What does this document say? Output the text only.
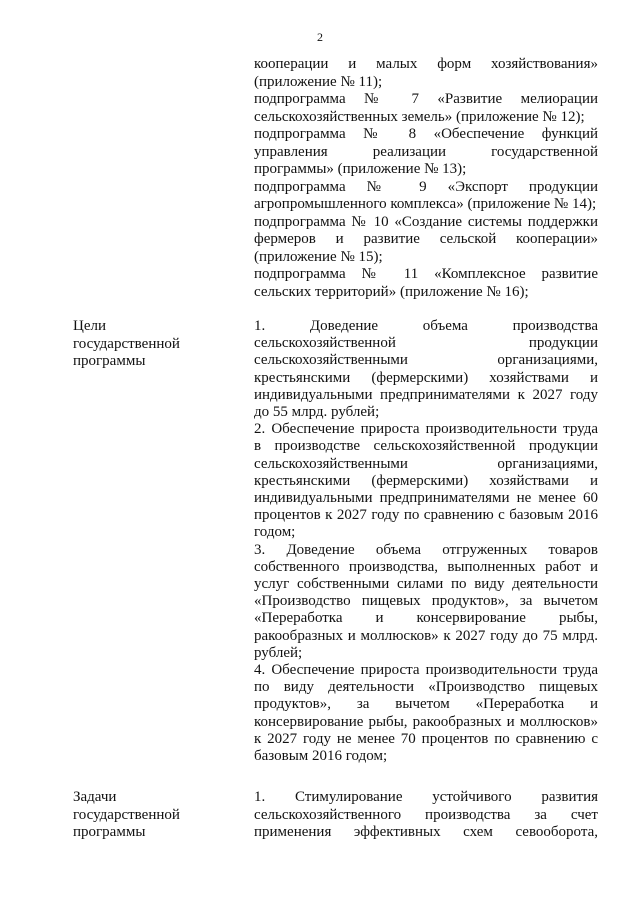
2

кооперации и малых форм хозяйствования» (приложение № 11);

подпрограмма № 7 «Развитие мелиорации сельскохозяйственных земель» (приложение № 12);

подпрограмма № 8 «Обеспечение функций управления реализации государственной программы» (приложение № 13);

подпрограмма № 9 «Экспорт продукции агропромышленного комплекса» (приложение № 14);

подпрограмма № 10 «Создание системы поддержки фермеров и развитие сельской кооперации» (приложение № 15);

подпрограмма № 11 «Комплексное развитие сельских территорий» (приложение № 16);

Цели государственной программы

1. Доведение объема производства сельскохозяйственной продукции сельскохозяйственными организациями, крестьянскими (фермерскими) хозяйствами и индивидуальными предпринимателями к 2027 году до 55 млрд. рублей;

2. Обеспечение прироста производительности труда в производстве сельскохозяйственной продукции сельскохозяйственными организациями, крестьянскими (фермерскими) хозяйствами и индивидуальными предпринимателями не менее 60 процентов к 2027 году по сравнению с базовым 2016 годом;

3. Доведение объема отгруженных товаров собственного производства, выполненных работ и услуг собственными силами по виду деятельности «Производство пищевых продуктов», за вычетом «Переработка и консервирование рыбы, ракообразных и моллюсков» к 2027 году до 75 млрд. рублей;

4. Обеспечение прироста производительности труда по виду деятельности «Производство пищевых продуктов», за вычетом «Переработка и консервирование рыбы, ракообразных и моллюсков» к 2027 году не менее 70 процентов по сравнению с базовым 2016 годом;

Задачи государственной программы

1. Стимулирование устойчивого развития сельскохозяйственного производства за счет применения эффективных схем севооборота,
